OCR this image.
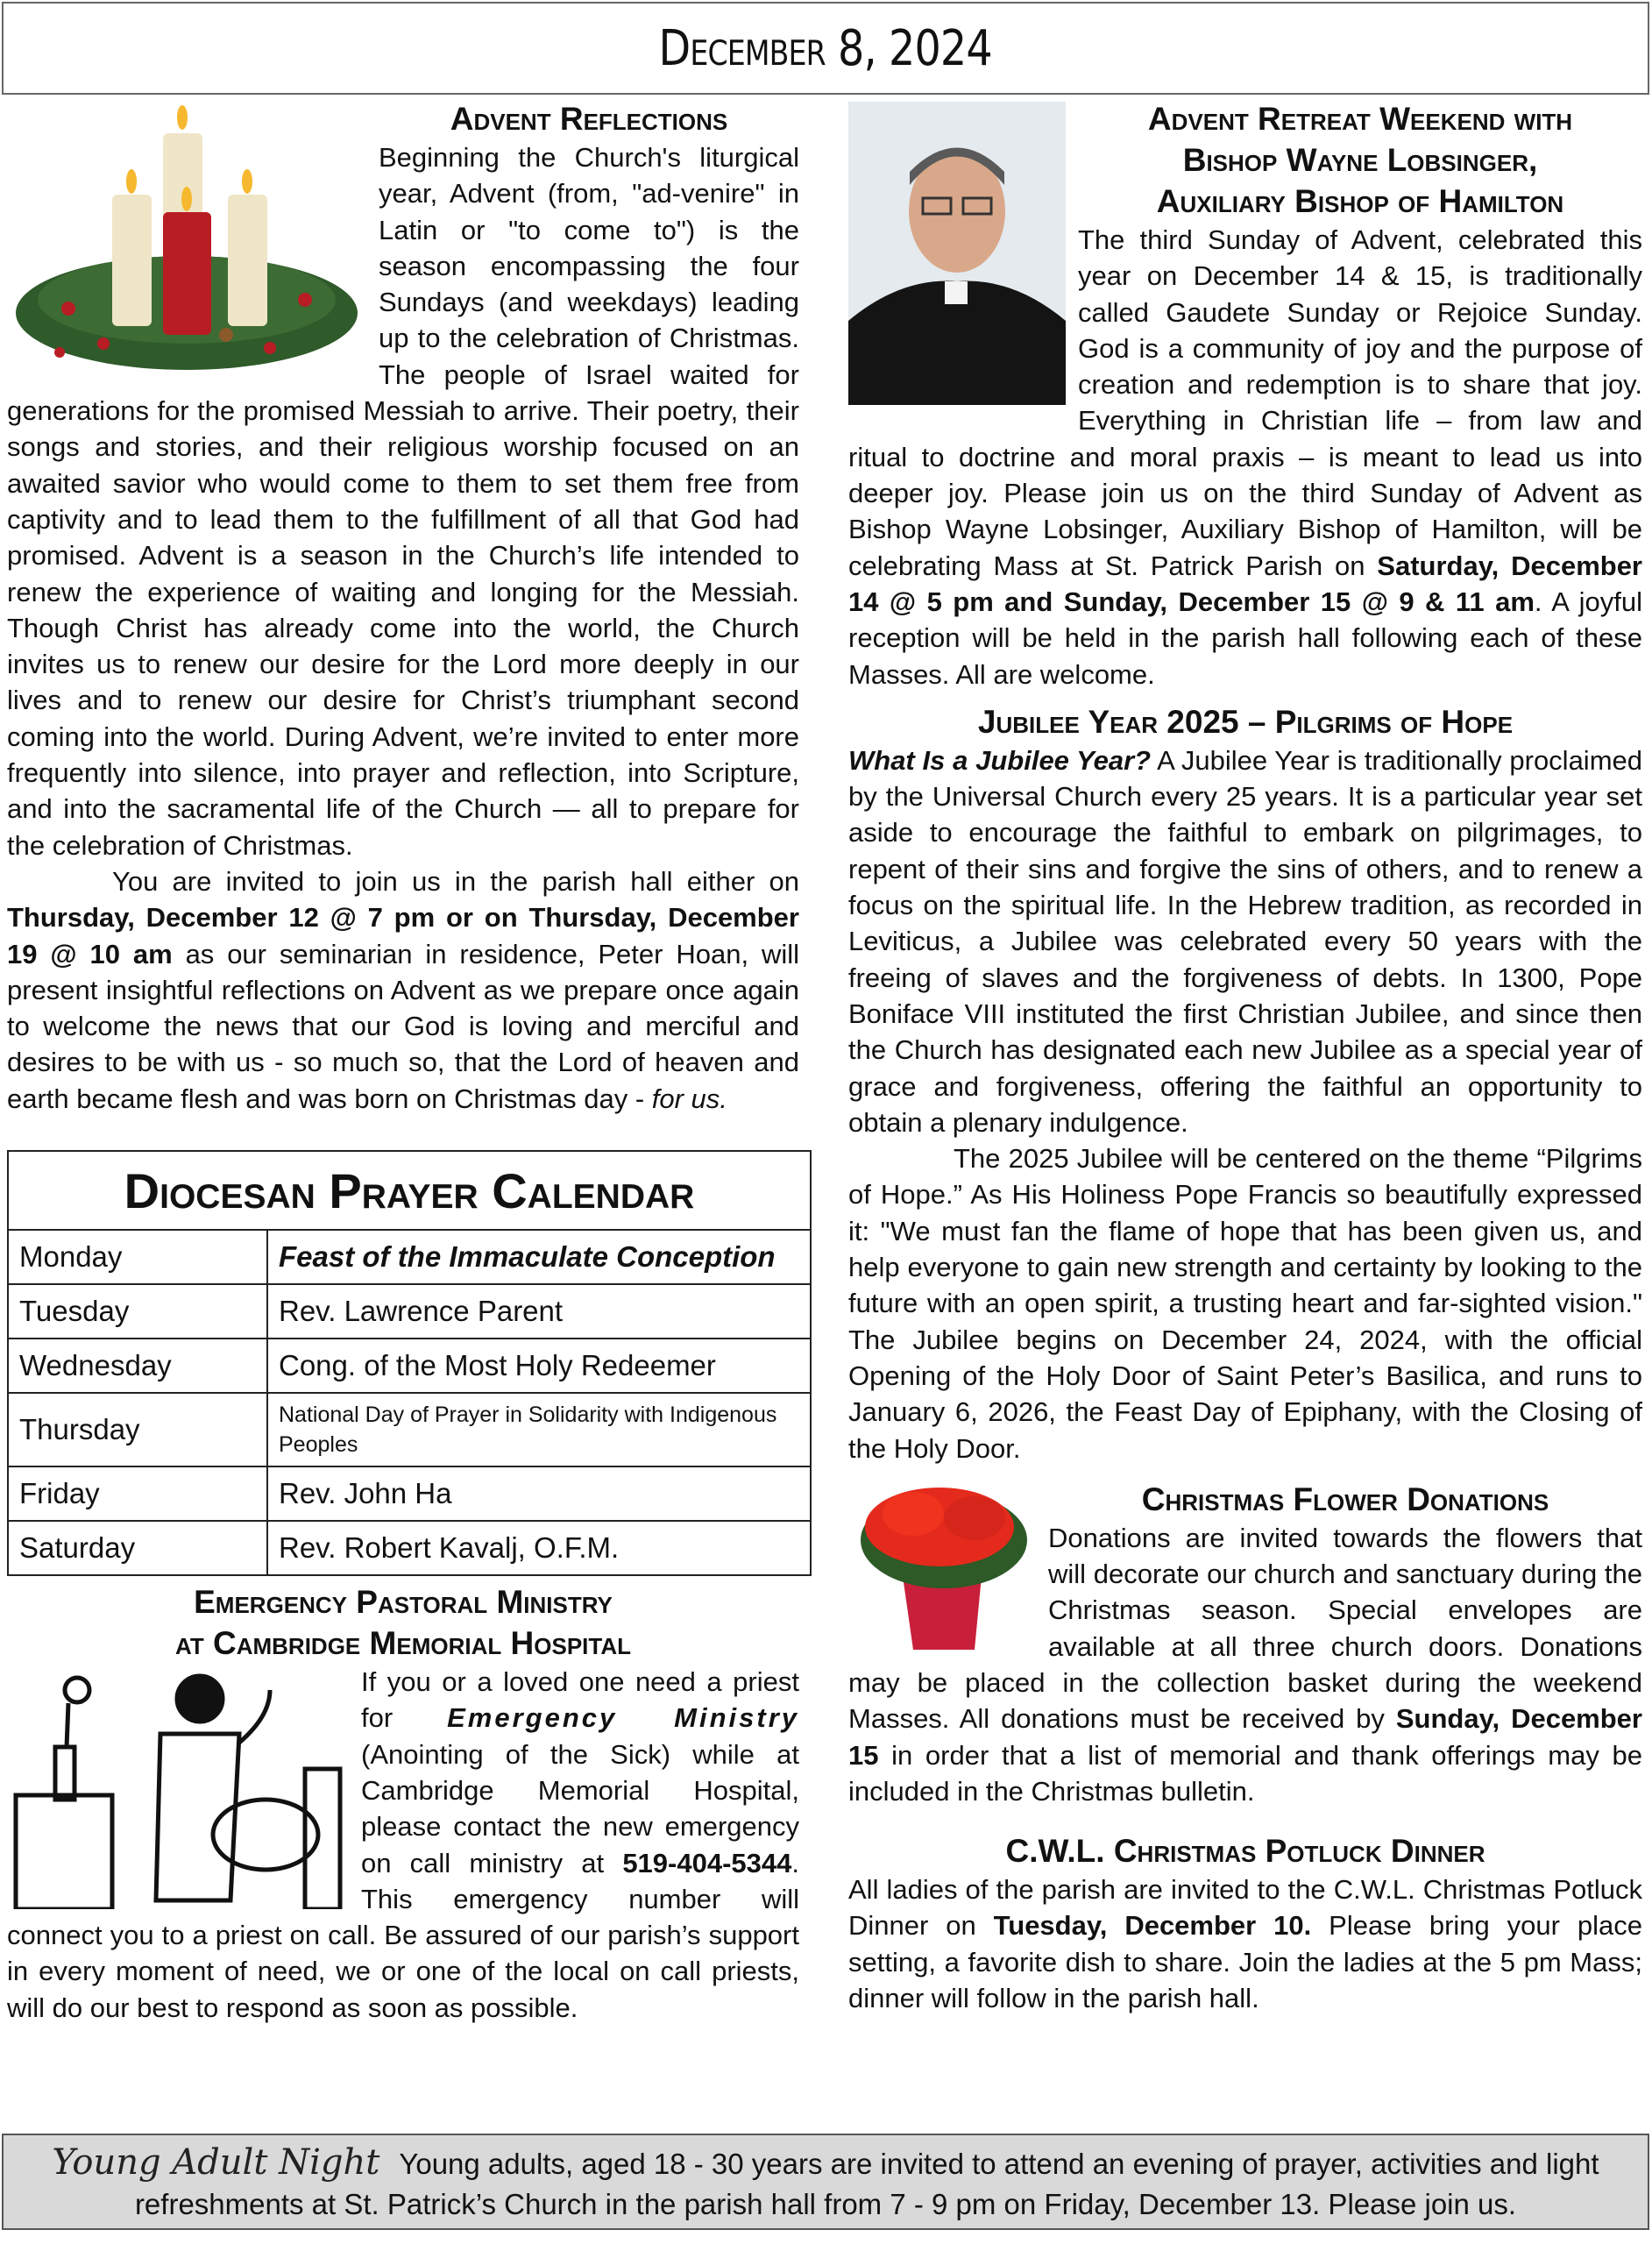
December 8, 2024
Advent Reflections

Beginning the Church's liturgical year, Advent (from, "ad-venire" in Latin or "to come to") is the season encompassing the four Sundays (and weekdays) leading up to the celebration of Christmas. The people of Israel waited for generations for the promised Messiah to arrive. Their poetry, their songs and stories, and their religious worship focused on an awaited savior who would come to them to set them free from captivity and to lead them to the fulfillment of all that God had promised. Advent is a season in the Church’s life intended to renew the experience of waiting and longing for the Messiah. Though Christ has already come into the world, the Church invites us to renew our desire for the Lord more deeply in our lives and to renew our desire for Christ’s triumphant second coming into the world. During Advent, we’re invited to enter more frequently into silence, into prayer and reflection, into Scripture, and into the sacramental life of the Church — all to prepare for the celebration of Christmas.

You are invited to join us in the parish hall either on Thursday, December 12 @ 7 pm or on Thursday, December 19 @ 10 am as our seminarian in residence, Peter Hoan, will present insightful reflections on Advent as we prepare once again to welcome the news that our God is loving and merciful and desires to be with us - so much so, that the Lord of heaven and earth became flesh and was born on Christmas day - for us.

Diocesan Prayer Calendar	
Monday	Feast of the Immaculate Conception
Tuesday	Rev. Lawrence Parent
Wednesday	Cong. of the Most Holy Redeemer
Thursday	National Day of Prayer in Solidarity with Indigenous Peoples
Friday	Rev. John Ha
Saturday	Rev. Robert Kavalj, O.F.M.
Emergency Pastoral Ministry
at Cambridge Memorial Hospital

If you or a loved one need a priest for Emergency Ministry (Anointing of the Sick) while at Cambridge Memorial Hospital, please contact the new emergency on call ministry at 519-404-5344. This emergency number will connect you to a priest on call. Be assured of our parish’s support in every moment of need, we or one of the local on call priests, will do our best to respond as soon as possible.

Advent Retreat Weekend with
Bishop Wayne Lobsinger,
Auxiliary Bishop of Hamilton

The third Sunday of Advent, celebrated this year on December 14 & 15, is traditionally called Gaudete Sunday or Rejoice Sunday. God is a community of joy and the purpose of creation and redemption is to share that joy. Everything in Christian life – from law and ritual to doctrine and moral praxis – is meant to lead us into deeper joy. Please join us on the third Sunday of Advent as Bishop Wayne Lobsinger, Auxiliary Bishop of Hamilton, will be celebrating Mass at St. Patrick Parish on Saturday, December 14 @ 5 pm and Sunday, December 15 @ 9 & 11 am. A joyful reception will be held in the parish hall following each of these Masses. All are welcome.

Jubilee Year 2025 – Pilgrims of Hope

What Is a Jubilee Year? A Jubilee Year is traditionally proclaimed by the Universal Church every 25 years. It is a particular year set aside to encourage the faithful to embark on pilgrimages, to repent of their sins and forgive the sins of others, and to renew a focus on the spiritual life. In the Hebrew tradition, as recorded in Leviticus, a Jubilee was celebrated every 50 years with the freeing of slaves and the forgiveness of debts. In 1300, Pope Boniface VIII instituted the first Christian Jubilee, and since then the Church has designated each new Jubilee as a special year of grace and forgiveness, offering the faithful an opportunity to obtain a plenary indulgence.

The 2025 Jubilee will be centered on the theme “Pilgrims of Hope.” As His Holiness Pope Francis so beautifully expressed it: "We must fan the flame of hope that has been given us, and help everyone to gain new strength and certainty by looking to the future with an open spirit, a trusting heart and far-sighted vision." The Jubilee begins on December 24, 2024, with the official Opening of the Holy Door of Saint Peter’s Basilica, and runs to January 6, 2026, the Feast Day of Epiphany, with the Closing of the Holy Door.

Christmas Flower Donations

Donations are invited towards the flowers that will decorate our church and sanctuary during the Christmas season. Special envelopes are available at all three church doors. Donations may be placed in the collection basket during the weekend Masses. All donations must be received by Sunday, December 15 in order that a list of memorial and thank offerings may be included in the Christmas bulletin.

C.W.L. Christmas Potluck Dinner

All ladies of the parish are invited to the C.W.L. Christmas Potluck Dinner on Tuesday, December 10. Please bring your place setting, a favorite dish to share. Join the ladies at the 5 pm Mass; dinner will follow in the parish hall.

Young Adult Night Young adults, aged 18 - 30 years are invited to attend an evening of prayer, activities and light refreshments at St. Patrick’s Church in the parish hall from 7 - 9 pm on Friday, December 13. Please join us.
